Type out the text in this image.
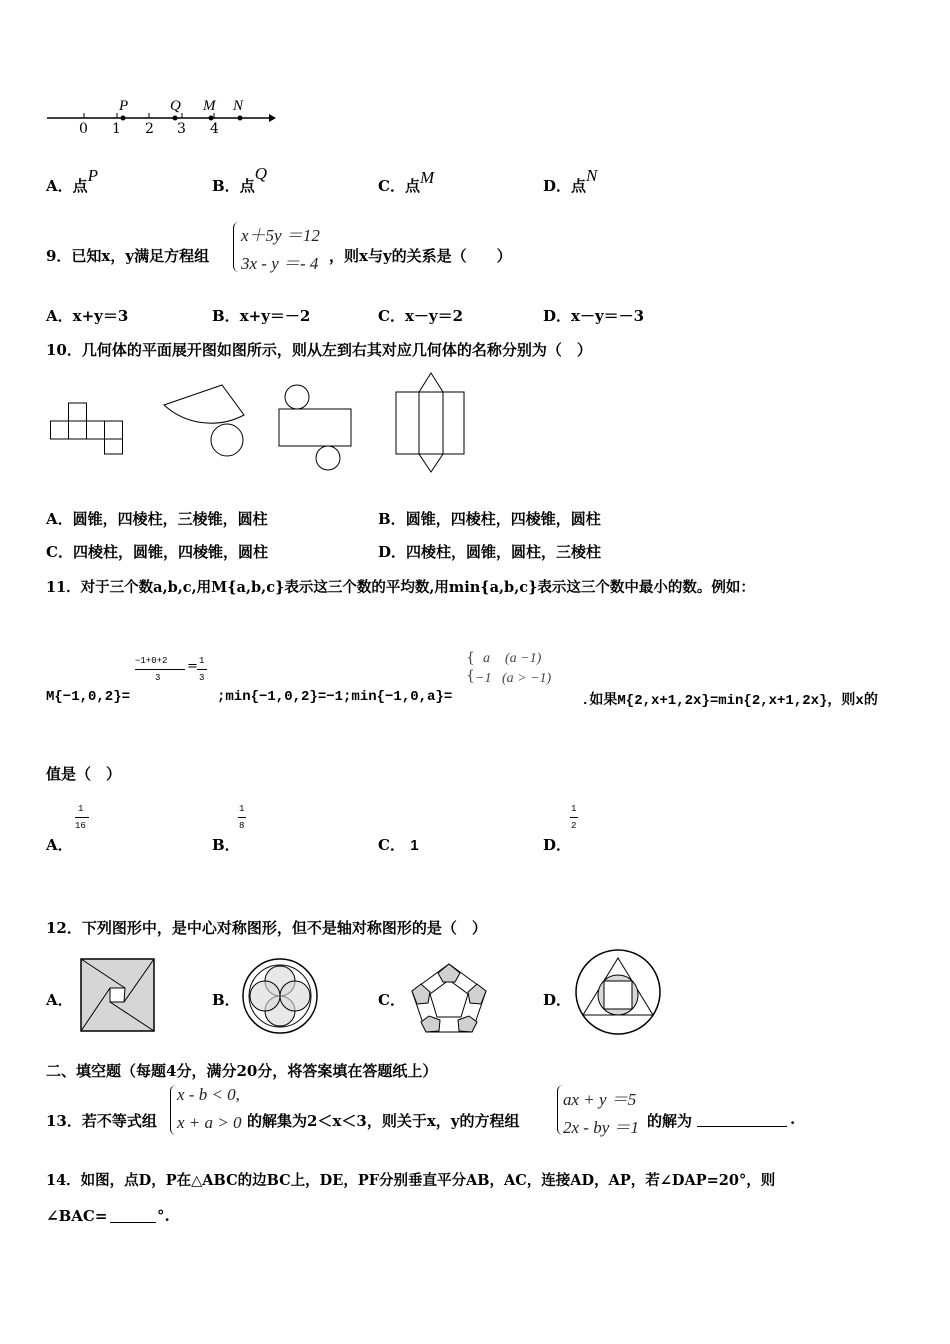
0 1 2 3 4
P	Q M N
A．点P
B．点Q
C．点M	D．点N
9．已知x，y满足方程组
x＋5y ＝12
3x - y ＝- 4 ，则x与y的关系是（　　）
A．x+y＝3	B．x+y＝－2	C．x－y＝2	D．x－y＝－3
10．几何体的平面展开图如图所示，则从左到右其对应几何体的名称分别为（　）
A．圆锥，四棱柱，三棱锥，圆柱	B．圆锥，四棱柱，四棱锥，圆柱
C．四棱柱，圆锥，四棱锥，圆柱	D．四棱柱，圆锥，圆柱，三棱柱
11．对于三个数a,b,c,用M{a,b,c}表示这三个数的平均数,用min{a,b,c}表示这三个数中最小的数。例如：
M{−1,0,2}=
−1+0+2
3
= 1
3
;min{−1,0,2}=−1;min{−1,0,a}=
{
{
a (a −1)
−1 (a > −1)
.如果M{2,x+1,2x}=min{2,x+1,2x}，则x的
值是（　）
A．
1
16
B．
1
8
C． 1	D．
1
2
12．下列图形中，是中心对称图形，但不是轴对称图形的是（　）
A．	B．	C．	D．
二、填空题（每题4分，满分20分，将答案填在答题纸上）
13．若不等式组
x - b < 0,
x + a > 0 的解集为2＜x＜3，则关于x，y的方程组
ax + y ＝5
2x - by ＝1 的解为	.
14．如图，点D，P在△ABC的边BC上，DE，PF分别垂直平分AB，AC，连接AD，AP，若∠DAP=20°，则
∠BAC=	°.
